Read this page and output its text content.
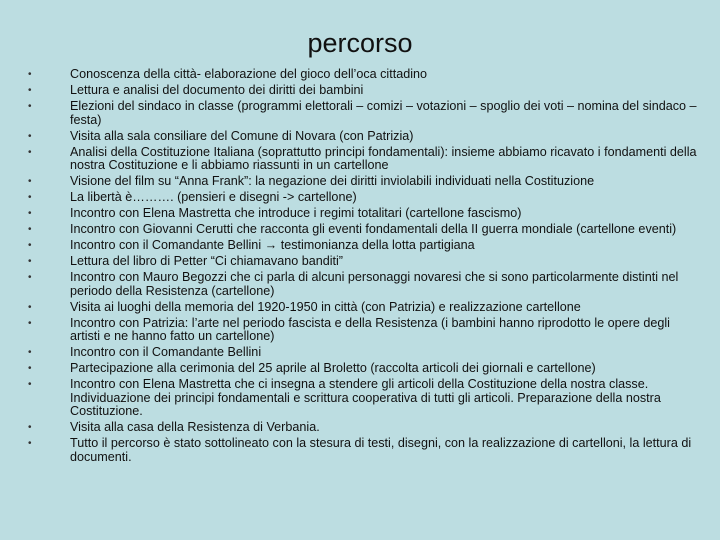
percorso
•	Conoscenza della città- elaborazione del gioco dell’oca cittadino
•	Lettura e analisi del documento dei diritti dei bambini
•	Elezioni del sindaco in classe (programmi elettorali – comizi – votazioni – spoglio dei voti – nomina del sindaco – festa)
•	Visita alla sala consiliare del Comune di Novara (con Patrizia)
•	Analisi della Costituzione Italiana (soprattutto principi fondamentali): insieme abbiamo ricavato i fondamenti della nostra Costituzione e li abbiamo riassunti in un cartellone
•	Visione del film su “Anna Frank”: la negazione dei diritti inviolabili individuati nella Costituzione
•	La libertà è………. (pensieri e disegni -> cartellone)
•	Incontro con Elena Mastretta che introduce i regimi totalitari (cartellone fascismo)
•	Incontro con Giovanni Cerutti che racconta gli eventi fondamentali della II guerra mondiale (cartellone eventi)
•	Incontro con il Comandante Bellini → testimonianza della lotta partigiana
•	Lettura del libro di Petter “Ci chiamavano banditi”
•	Incontro con Mauro Begozzi che ci parla di alcuni personaggi novaresi che si sono particolarmente distinti nel periodo della Resistenza (cartellone)
•	Visita ai luoghi della memoria del 1920-1950 in città (con Patrizia) e realizzazione cartellone
•	Incontro con Patrizia: l’arte nel periodo fascista e della Resistenza (i bambini hanno riprodotto le opere degli artisti e ne hanno fatto un cartellone)
•	Incontro con il Comandante Bellini
•	Partecipazione alla cerimonia del 25 aprile al Broletto (raccolta articoli dei giornali e cartellone)
•	Incontro con Elena Mastretta che ci insegna a stendere gli articoli della Costituzione della nostra classe. Individuazione dei principi fondamentali e scrittura cooperativa di tutti gli articoli. Preparazione della nostra Costituzione.
•	Visita alla casa della Resistenza di Verbania.
•	Tutto il percorso è stato sottolineato con la stesura di testi, disegni, con la realizzazione di cartelloni, la lettura di documenti.
